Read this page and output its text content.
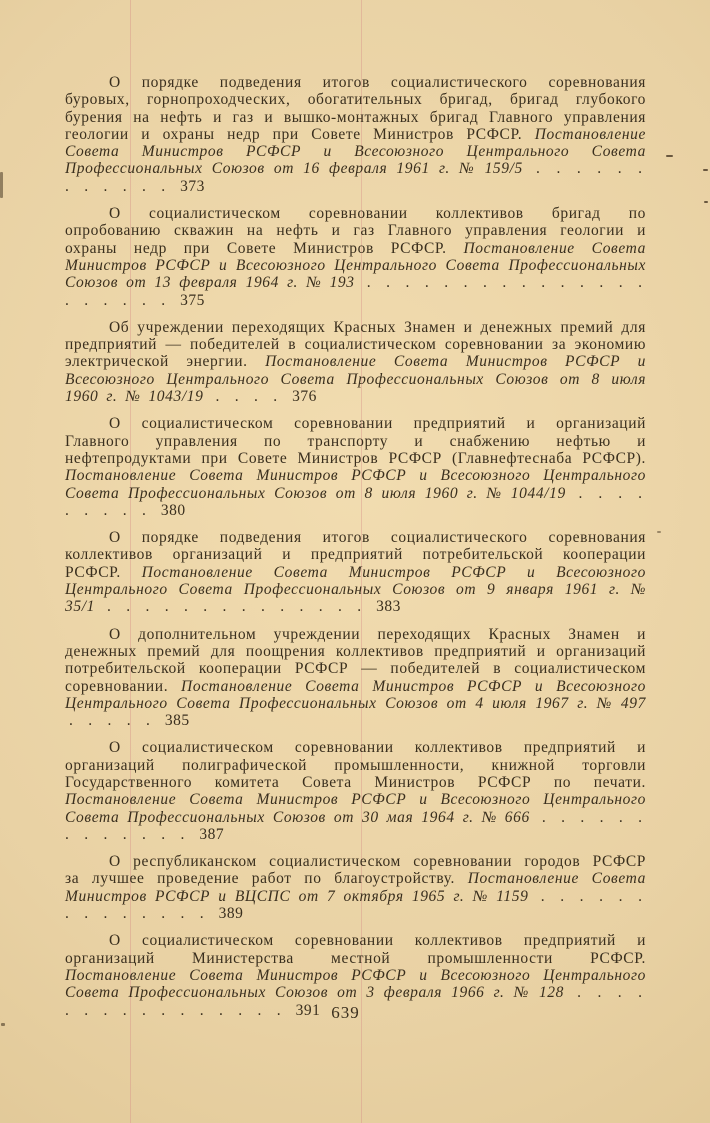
О порядке подведения итогов социалистического соревнования буровых, горнопроходческих, обогатительных бригад, бригад глубокого бурения на нефть и газ и вышко-монтажных бригад Главного управления геологии и охраны недр при Совете Министров РСФСР. Постановление Совета Министров РСФСР и Всесоюзного Центрального Совета Профессиональных Союзов от 16 февраля 1961 г. № 159/5 . . . . . . . . . . . . 373

О социалистическом соревновании коллективов бригад по опробованию скважин на нефть и газ Главного управления геологии и охраны недр при Совете Министров РСФСР. Постановление Совета Министров РСФСР и Всесоюзного Центрального Совета Профессиональных Союзов от 13 февраля 1964 г. № 193 . . . . . . . . . . . . . . . . . . . . . 375

Об учреждении переходящих Красных Знамен и денежных премий для предприятий — победителей в социалистическом соревновании за экономию электрической энергии. Постановление Совета Министров РСФСР и Всесоюзного Центрального Совета Профессиональных Союзов от 8 июля 1960 г. № 1043/19 . . . . 376

О социалистическом соревновании предприятий и организаций Главного управления по транспорту и снабжению нефтью и нефтепродуктами при Совете Министров РСФСР (Главнефтеснаба РСФСР). Постановление Совета Министров РСФСР и Всесоюзного Центрального Совета Профессиональных Союзов от 8 июля 1960 г. № 1044/19 . . . . . . . . . 380

О порядке подведения итогов социалистического соревнования коллективов организаций и предприятий потребительской кооперации РСФСР. Постановление Совета Министров РСФСР и Всесоюзного Центрального Совета Профессиональных Союзов от 9 января 1961 г. № 35/1 . . . . . . . . . . . . . . 383

О дополнительном учреждении переходящих Красных Знамен и денежных премий для поощрения коллективов предприятий и организаций потребительской кооперации РСФСР — победителей в социалистическом соревновании. Постановление Совета Министров РСФСР и Всесоюзного Центрального Совета Профессиональных Союзов от 4 июля 1967 г. № 497 . . . . . 385

О социалистическом соревновании коллективов предприятий и организаций полиграфической промышленности, книжной торговли Государственного комитета Совета Министров РСФСР по печати. Постановление Совета Министров РСФСР и Всесоюзного Центрального Совета Профессиональных Союзов от 30 мая 1964 г. № 666 . . . . . . . . . . . . . 387

О республиканском социалистическом соревновании городов РСФСР за лучшее проведение работ по благоустройству. Постановление Совета Министров РСФСР и ВЦСПС от 7 октября 1965 г. № 1159 . . . . . . . . . . . . . . 389

О социалистическом соревновании коллективов предприятий и организаций Министерства местной промышленности РСФСР. Постановление Совета Министров РСФСР и Всесоюзного Центрального Совета Профессиональных Союзов от 3 февраля 1966 г. № 128 . . . . . . . . . . . . . . . . 391 639
